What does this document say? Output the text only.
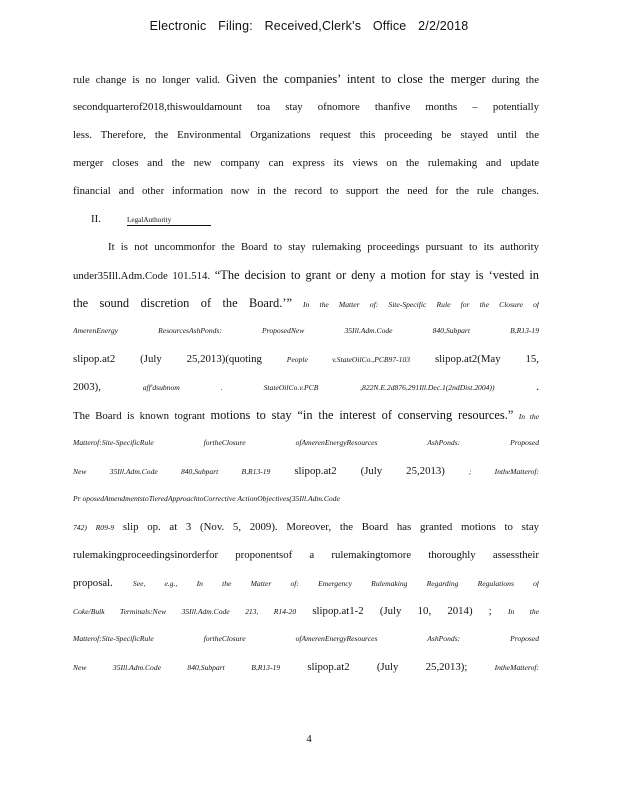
Electronic Filing: Received,Clerk's Office 2/2/2018
rule change is no longer valid. Given the companies’ intent to close the merger during the
secondquarterof2018,thiswouldamount toa stay ofnomore thanfive months – potentially
less. Therefore, the Environmental Organizations request this proceeding be stayed until the
merger closes and the new company can express its views on the rulemaking and update
financial and other information now in the record to support the need for the rule changes.
II.	LegalAuthority
It is not uncommonfor the Board to stay rulemaking proceedings pursuant to its authority
under35Ill.Adm.Code 101.514. “The decision to grant or deny a motion for stay is ‘vested in
the sound discretion of the Board.’” In the Matter of: Site-Specific Rule for the Closure of
AmerenEnergy ResourcesAshPonds: ProposedNew 35Ill.Adm.Code 840,Subpart B,R13-19
slipop.at2 (July 25,2013)(quoting	People v.StateOilCo.,PCB97-103 slipop.at2(May 15,
2003),	aff'dsubnom . StateOilCo.v.PCB	,822N.E.2d876,291Ill.Dec.1(2ndDist.2004))	.
The Board is known togrant motions to stay “in the interest of conserving resources.” In the
Matterof:Site-SpecificRule fortheClosure ofAmerenEnergyResources AshPonds: Proposed
New 35Ill.Adm.Code 840,Subpart B,R13-19 slipop.at2 (July 25,2013)	; IntheMatterof:
Pr oposedAmendmentstoTieredApproachtoCorrective ActionObjectives(35Ill.Adm.Code
742) R09-9 slip op. at 3 (Nov. 5, 2009). Moreover, the Board has granted motions to stay
rulemakingproceedingsinorderfor proponentsof a rulemakingtomore thoroughly assesstheir
proposal.	See, e.g., In the Matter of: Emergency Rulemaking Regarding Regulations of
Coke/Bulk Terminals:New 35Ill.Adm.Code 213, R14-20 slipop.at1-2 (July 10, 2014) ; In the
Matterof:Site-SpecificRule fortheClosure ofAmerenEnergyResources AshPonds: Proposed
New 35Ill.Adm.Code 840,Subpart B,R13-19	slipop.at2 (July 25,2013);	IntheMatterof:
4
